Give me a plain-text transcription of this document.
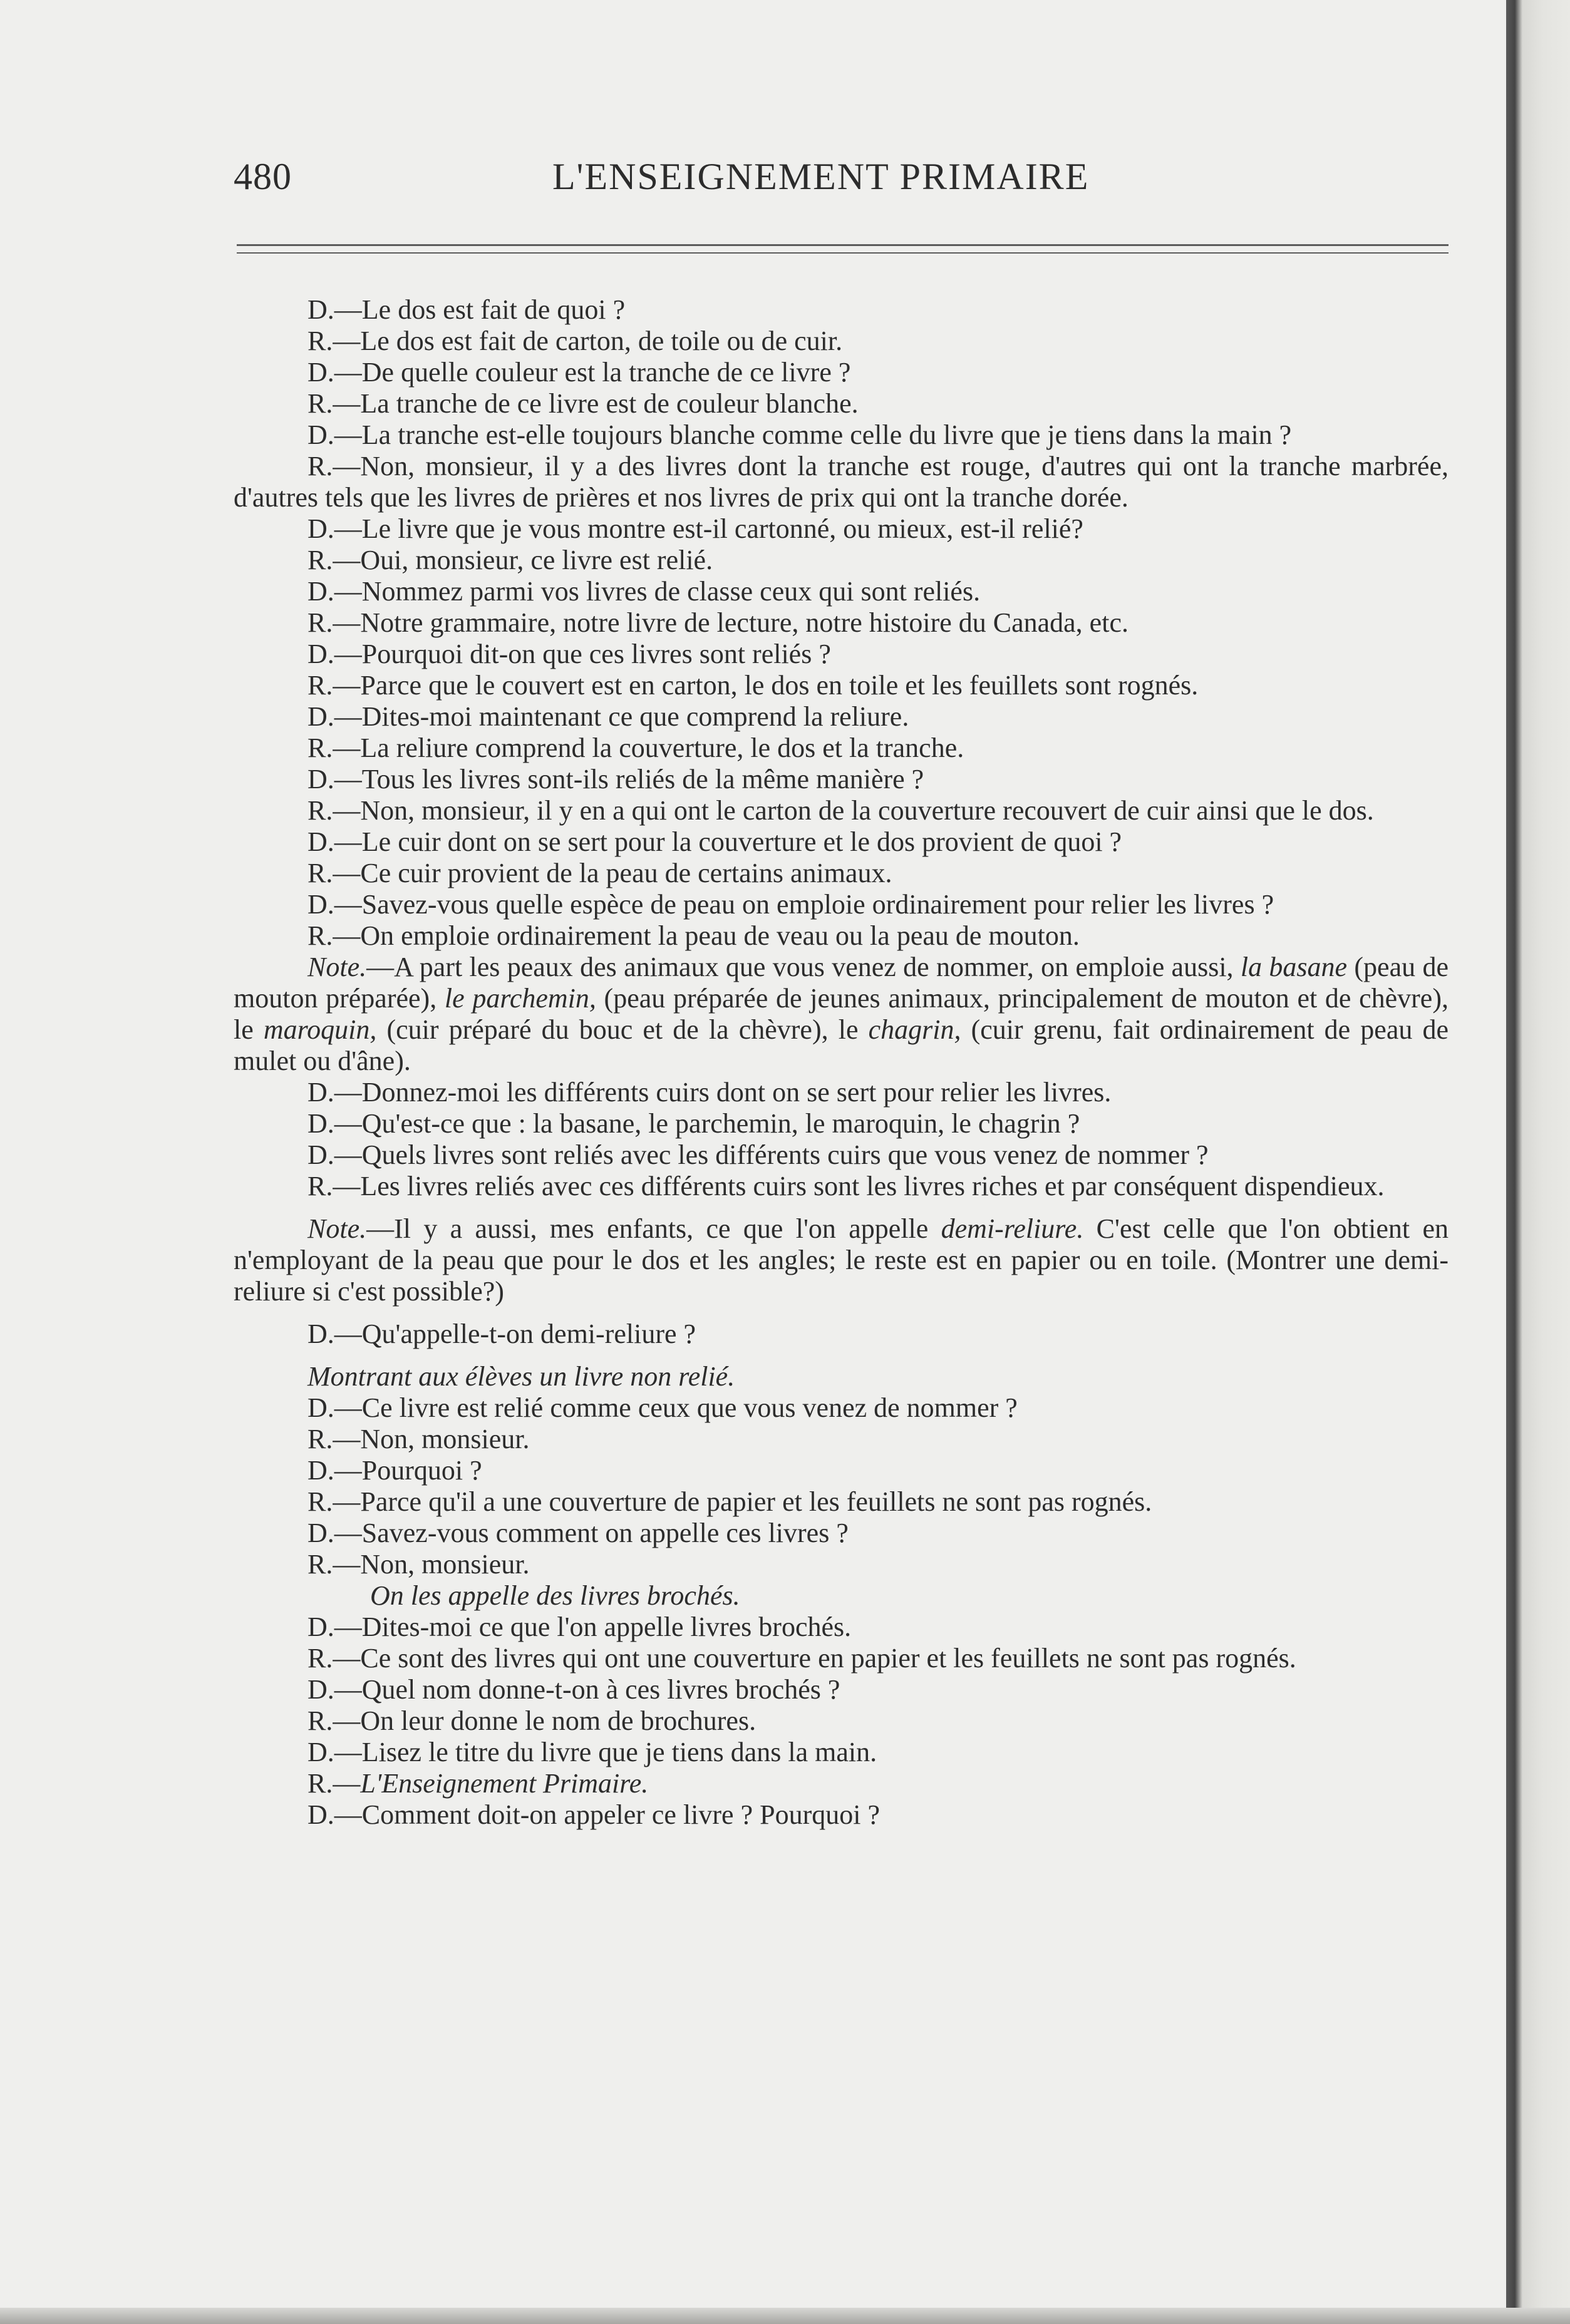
480	L'ENSEIGNEMENT PRIMAIRE

D.—Le dos est fait de quoi ?

R.—Le dos est fait de carton, de toile ou de cuir.

D.—De quelle couleur est la tranche de ce livre ?

R.—La tranche de ce livre est de couleur blanche.

D.—La tranche est-elle toujours blanche comme celle du livre que je tiens dans la main ?

R.—Non, monsieur, il y a des livres dont la tranche est rouge, d'autres qui ont la tranche marbrée, d'autres tels que les livres de prières et nos livres de prix qui ont la tranche dorée.

D.—Le livre que je vous montre est-il cartonné, ou mieux, est-il relié?

R.—Oui, monsieur, ce livre est relié.

D.—Nommez parmi vos livres de classe ceux qui sont reliés.

R.—Notre grammaire, notre livre de lecture, notre histoire du Canada, etc.

D.—Pourquoi dit-on que ces livres sont reliés ?

R.—Parce que le couvert est en carton, le dos en toile et les feuillets sont rognés.

D.—Dites-moi maintenant ce que comprend la reliure.

R.—La reliure comprend la couverture, le dos et la tranche.

D.—Tous les livres sont-ils reliés de la même manière ?

R.—Non, monsieur, il y en a qui ont le carton de la couverture recouvert de cuir ainsi que le dos.

D.—Le cuir dont on se sert pour la couverture et le dos provient de quoi ?

R.—Ce cuir provient de la peau de certains animaux.

D.—Savez-vous quelle espèce de peau on emploie ordinairement pour relier les livres ?

R.—On emploie ordinairement la peau de veau ou la peau de mouton.

Note.—A part les peaux des animaux que vous venez de nommer, on emploie aussi, la basane (peau de mouton préparée), le parchemin, (peau préparée de jeunes animaux, principalement de mouton et de chèvre), le maroquin, (cuir préparé du bouc et de la chèvre), le chagrin, (cuir grenu, fait ordinairement de peau de mulet ou d'âne).

D.—Donnez-moi les différents cuirs dont on se sert pour relier les livres.

D.—Qu'est-ce que : la basane, le parchemin, le maroquin, le chagrin ?

D.—Quels livres sont reliés avec les différents cuirs que vous venez de nommer ?

R.—Les livres reliés avec ces différents cuirs sont les livres riches et par conséquent dispendieux.

Note.—Il y a aussi, mes enfants, ce que l'on appelle demi-reliure. C'est celle que l'on obtient en n'employant de la peau que pour le dos et les angles; le reste est en papier ou en toile. (Montrer une demi-reliure si c'est possible?)

D.—Qu'appelle-t-on demi-reliure ?

Montrant aux élèves un livre non relié.

D.—Ce livre est relié comme ceux que vous venez de nommer ?

R.—Non, monsieur.

D.—Pourquoi ?

R.—Parce qu'il a une couverture de papier et les feuillets ne sont pas rognés.

D.—Savez-vous comment on appelle ces livres ?

R.—Non, monsieur.

On les appelle des livres brochés.

D.—Dites-moi ce que l'on appelle livres brochés.

R.—Ce sont des livres qui ont une couverture en papier et les feuillets ne sont pas rognés.

D.—Quel nom donne-t-on à ces livres brochés ?

R.—On leur donne le nom de brochures.

D.—Lisez le titre du livre que je tiens dans la main.

R.—L'Enseignement Primaire.

D.—Comment doit-on appeler ce livre ? Pourquoi ?
